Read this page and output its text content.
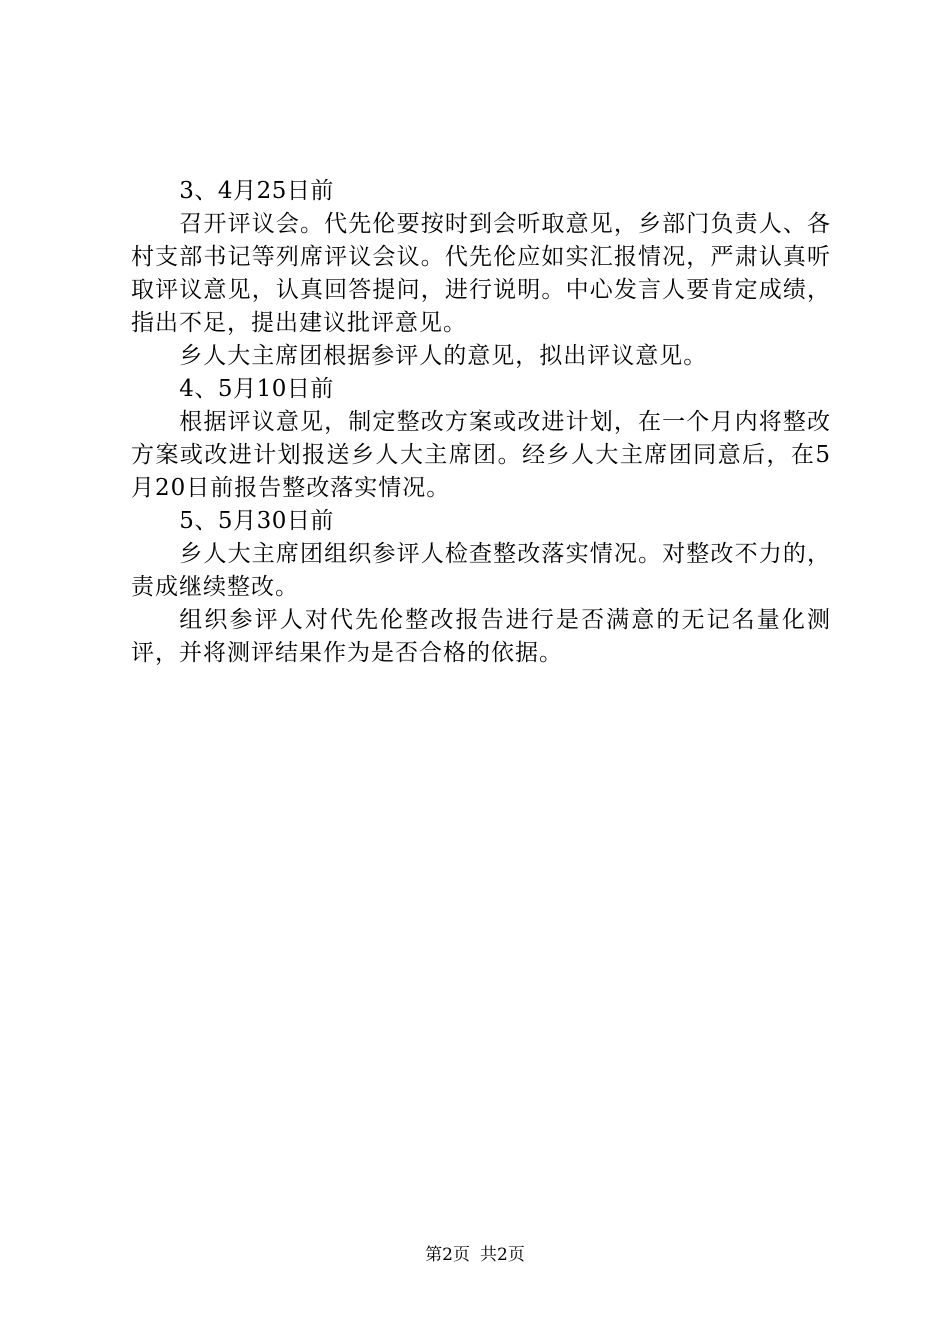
3、4月25日前

召开评议会。代先伦要按时到会听取意见，乡部门负责人、各村支部书记等列席评议会议。代先伦应如实汇报情况，严肃认真听取评议意见，认真回答提问，进行说明。中心发言人要肯定成绩，指出不足，提出建议批评意见。

乡人大主席团根据参评人的意见，拟出评议意见。

4、5月10日前

根据评议意见，制定整改方案或改进计划，在一个月内将整改方案或改进计划报送乡人大主席团。经乡人大主席团同意后，在5月20日前报告整改落实情况。

5、5月30日前

乡人大主席团组织参评人检查整改落实情况。对整改不力的，责成继续整改。

组织参评人对代先伦整改报告进行是否满意的无记名量化测评，并将测评结果作为是否合格的依据。

第2页 共2页
